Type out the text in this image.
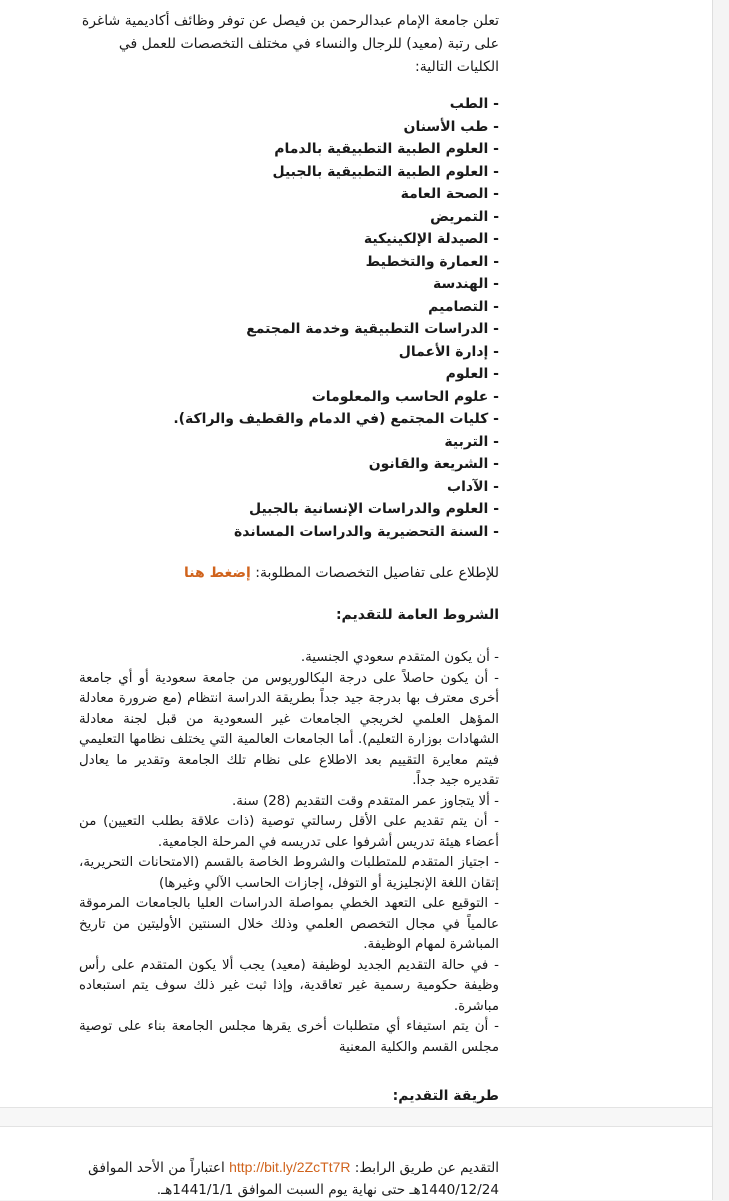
تعلن جامعة الإمام عبدالرحمن بن فيصل عن توفر وظائف أكاديمية شاغرة على رتبة (معيد) للرجال والنساء في مختلف التخصصات للعمل في الكليات التالية:

- الطب
- طب الأسنان
- العلوم الطبية التطبيقية بالدمام
- العلوم الطبية التطبيقية بالجبيل
- الصحة العامة
- التمريض
- الصيدلة الإلكينيكية
- العمارة والتخطيط
- الهندسة
- التصاميم
- الدراسات التطبيقية وخدمة المجتمع
- إدارة الأعمال
- العلوم
- علوم الحاسب والمعلومات
- كليات المجتمع (في الدمام والقطيف والراكة).
- التربية
- الشريعة والقانون
- الآداب
- العلوم والدراسات الإنسانية بالجبيل
- السنة التحضيرية والدراسات المساندة

للإطلاع على تفاصيل التخصصات المطلوبة: إضغط هنا

الشروط العامة للتقديم:

- أن يكون المتقدم سعودي الجنسية.

- أن يكون حاصلاً على درجة البكالوريوس من جامعة سعودية أو أي جامعة أخرى معترف بها بدرجة جيد جداً بطريقة الدراسة انتظام (مع ضرورة معادلة المؤهل العلمي لخريجي الجامعات غير السعودية من قبل لجنة معادلة الشهادات بوزارة التعليم). أما الجامعات العالمية التي يختلف نظامها التعليمي فيتم معايرة التقييم بعد الاطلاع على نظام تلك الجامعة وتقدير ما يعادل تقديره جيد جداً.

- ألا يتجاوز عمر المتقدم وقت التقديم (28) سنة.

- أن يتم تقديم على الأقل رسالتي توصية (ذات علاقة بطلب التعيين) من أعضاء هيئة تدريس أشرفوا على تدريسه في المرحلة الجامعية.

- اجتياز المتقدم للمتطلبات والشروط الخاصة بالقسم (الامتحانات التحريرية، إتقان اللغة الإنجليزية أو التوفل، إجازات الحاسب الآلي وغيرها)

- التوقيع على التعهد الخطي بمواصلة الدراسات العليا بالجامعات المرموقة عالمياً في مجال التخصص العلمي وذلك خلال السنتين الأوليتين من تاريخ المباشرة لمهام الوظيفة.

- في حالة التقديم الجديد لوظيفة (معيد) يجب ألا يكون المتقدم على رأس وظيفة حكومية رسمية غير تعاقدية، وإذا ثبت غير ذلك سوف يتم استبعاده مباشرة.

- أن يتم استيفاء أي متطلبات أخرى يقرها مجلس الجامعة بناء على توصية مجلس القسم والكلية المعنية

طريقة التقديم:

التقديم عن طريق الرابط: http://bit.ly/2ZcTt7R اعتباراً من الأحد الموافق 1440/12/24هـ حتى نهاية يوم السبت الموافق 1441/1/1هـ.
